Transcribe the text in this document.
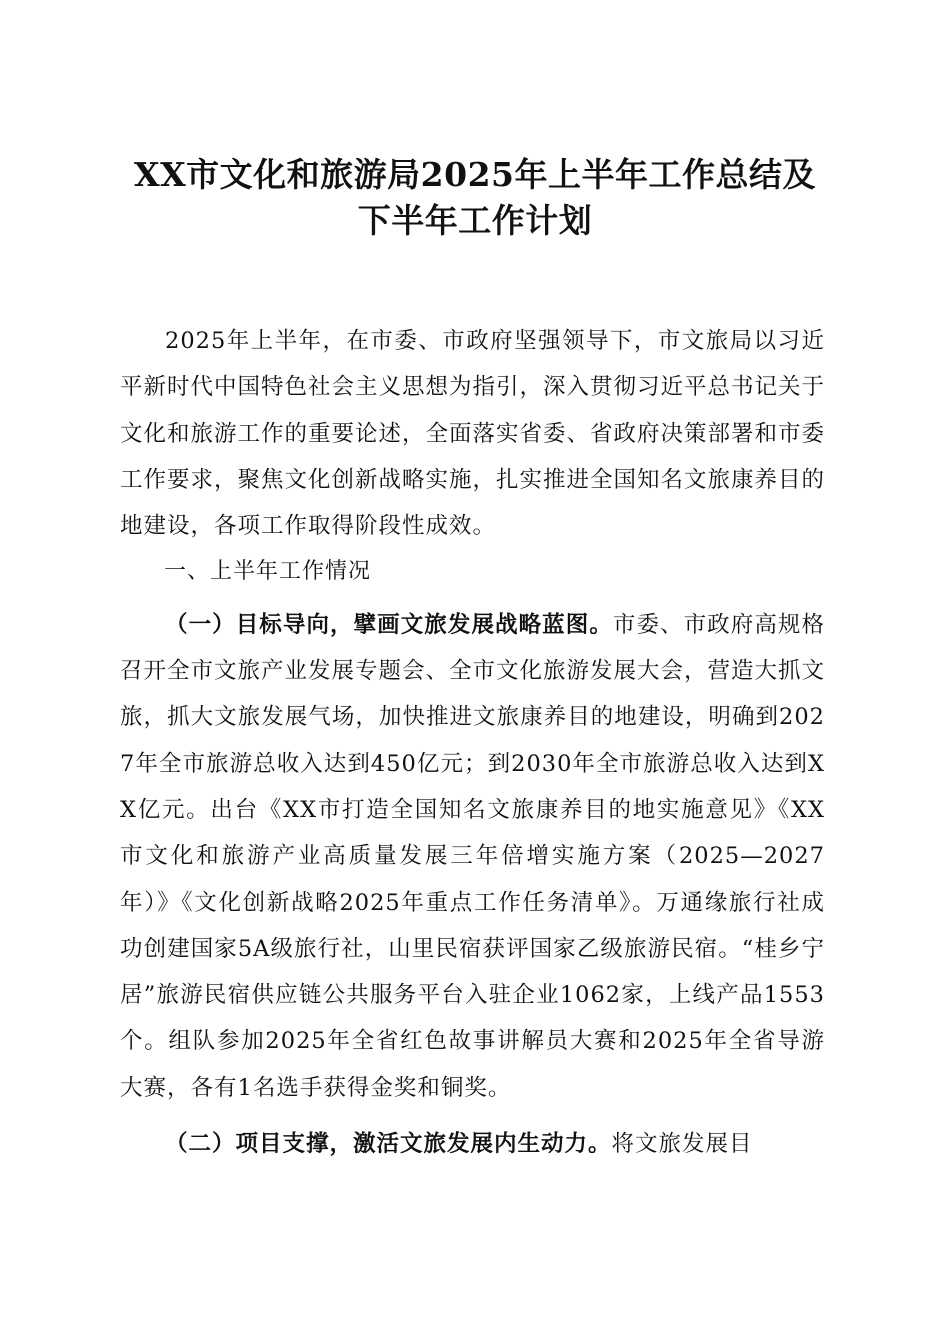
XX市文化和旅游局2025年上半年工作总结及
下半年工作计划

2025年上半年，在市委、市政府坚强领导下，市文旅局以习近平新时代中国特色社会主义思想为指引，深入贯彻习近平总书记关于文化和旅游工作的重要论述，全面落实省委、省政府决策部署和市委工作要求，聚焦文化创新战略实施，扎实推进全国知名文旅康养目的地建设，各项工作取得阶段性成效。

一、上半年工作情况

（一）目标导向，擘画文旅发展战略蓝图。市委、市政府高规格召开全市文旅产业发展专题会、全市文化旅游发展大会，营造大抓文旅，抓大文旅发展气场，加快推进文旅康养目的地建设，明确到2027年全市旅游总收入达到450亿元；到2030年全市旅游总收入达到XX亿元。出台《XX市打造全国知名文旅康养目的地实施意见》《XX市文化和旅游产业高质量发展三年倍增实施方案（2025—2027年）》《文化创新战略2025年重点工作任务清单》。万通缘旅行社成功创建国家5A级旅行社，山里民宿获评国家乙级旅游民宿。“桂乡宁居”旅游民宿供应链公共服务平台入驻企业1062家，上线产品1553个。组队参加2025年全省红色故事讲解员大赛和2025年全省导游大赛，各有1名选手获得金奖和铜奖。

（二）项目支撑，激活文旅发展内生动力。将文旅发展目
